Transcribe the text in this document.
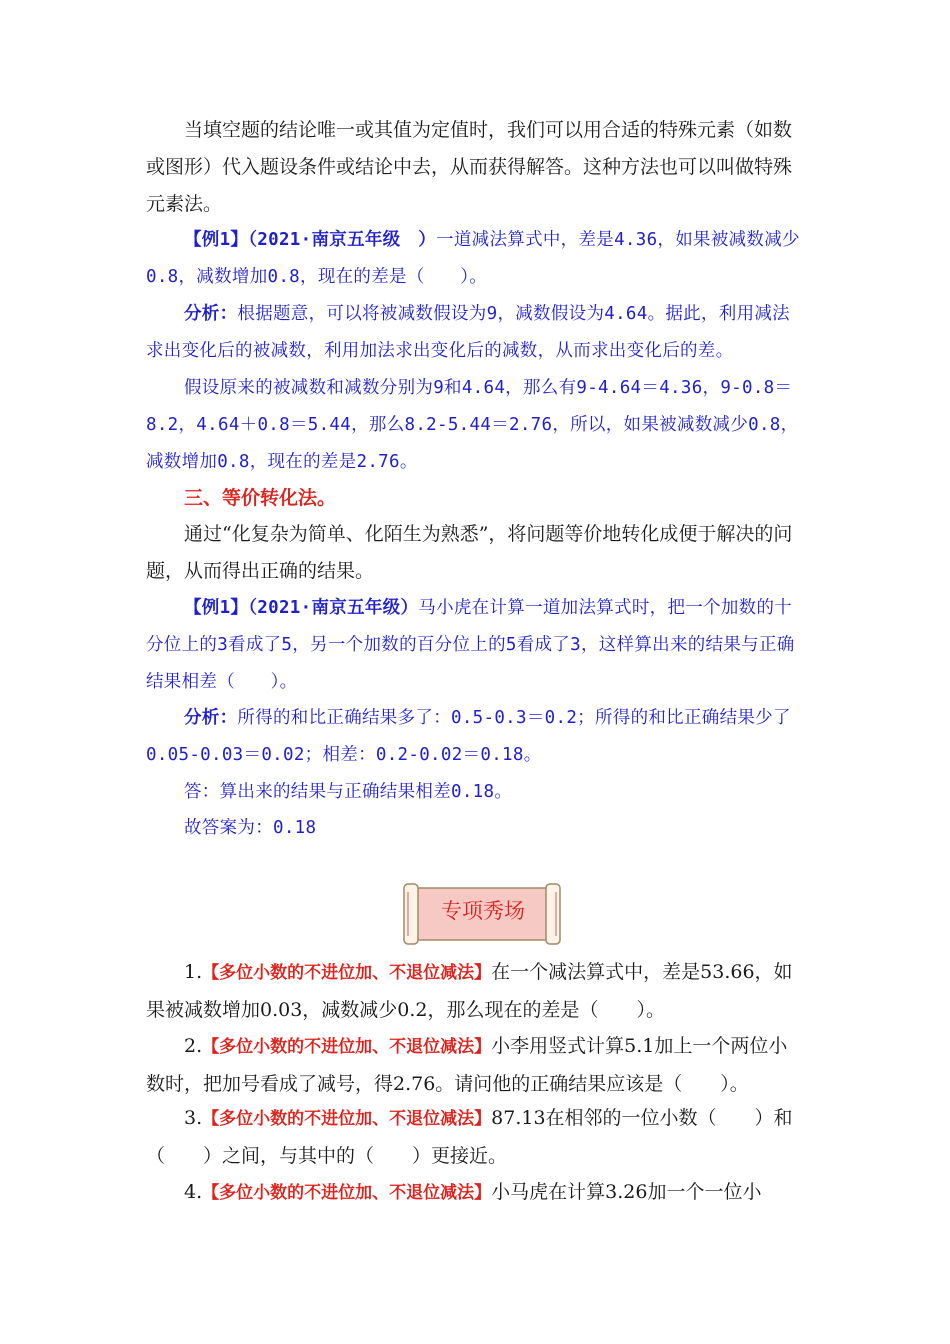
当填空题的结论唯一或其值为定值时，我们可以用合适的特殊元素（如数或图形）代入题设条件或结论中去，从而获得解答。这种方法也可以叫做特殊元素法。

【例1】（2021·南京五年级　）一道减法算式中，差是4.36，如果被减数减少0.8，减数增加0.8，现在的差是（　　）。

分析：根据题意，可以将被减数假设为9，减数假设为4.64。据此，利用减法求出变化后的被减数，利用加法求出变化后的减数，从而求出变化后的差。

假设原来的被减数和减数分别为9和4.64，那么有9-4.64＝4.36，9-0.8＝8.2，4.64＋0.8＝5.44，那么8.2-5.44＝2.76，所以，如果被减数减少0.8，减数增加0.8，现在的差是2.76。

三、等价转化法。

通过“化复杂为简单、化陌生为熟悉”，将问题等价地转化成便于解决的问题，从而得出正确的结果。

【例1】（2021·南京五年级）马小虎在计算一道加法算式时，把一个加数的十分位上的3看成了5，另一个加数的百分位上的5看成了3，这样算出来的结果与正确结果相差（　　）。

分析：所得的和比正确结果多了：0.5-0.3＝0.2；所得的和比正确结果少了0.05-0.03＝0.02；相差：0.2-0.02＝0.18。

答：算出来的结果与正确结果相差0.18。

故答案为：0.18

专项秀场

1.【多位小数的不进位加、不退位减法】在一个减法算式中，差是53.66，如果被减数增加0.03，减数减少0.2，那么现在的差是（　　）。

2.【多位小数的不进位加、不退位减法】小李用竖式计算5.1加上一个两位小数时，把加号看成了减号，得2.76。请问他的正确结果应该是（　　）。

3.【多位小数的不进位加、不退位减法】87.13在相邻的一位小数（　　）和（　　）之间，与其中的（　　）更接近。

4.【多位小数的不进位加、不退位减法】小马虎在计算3.26加一个一位小
